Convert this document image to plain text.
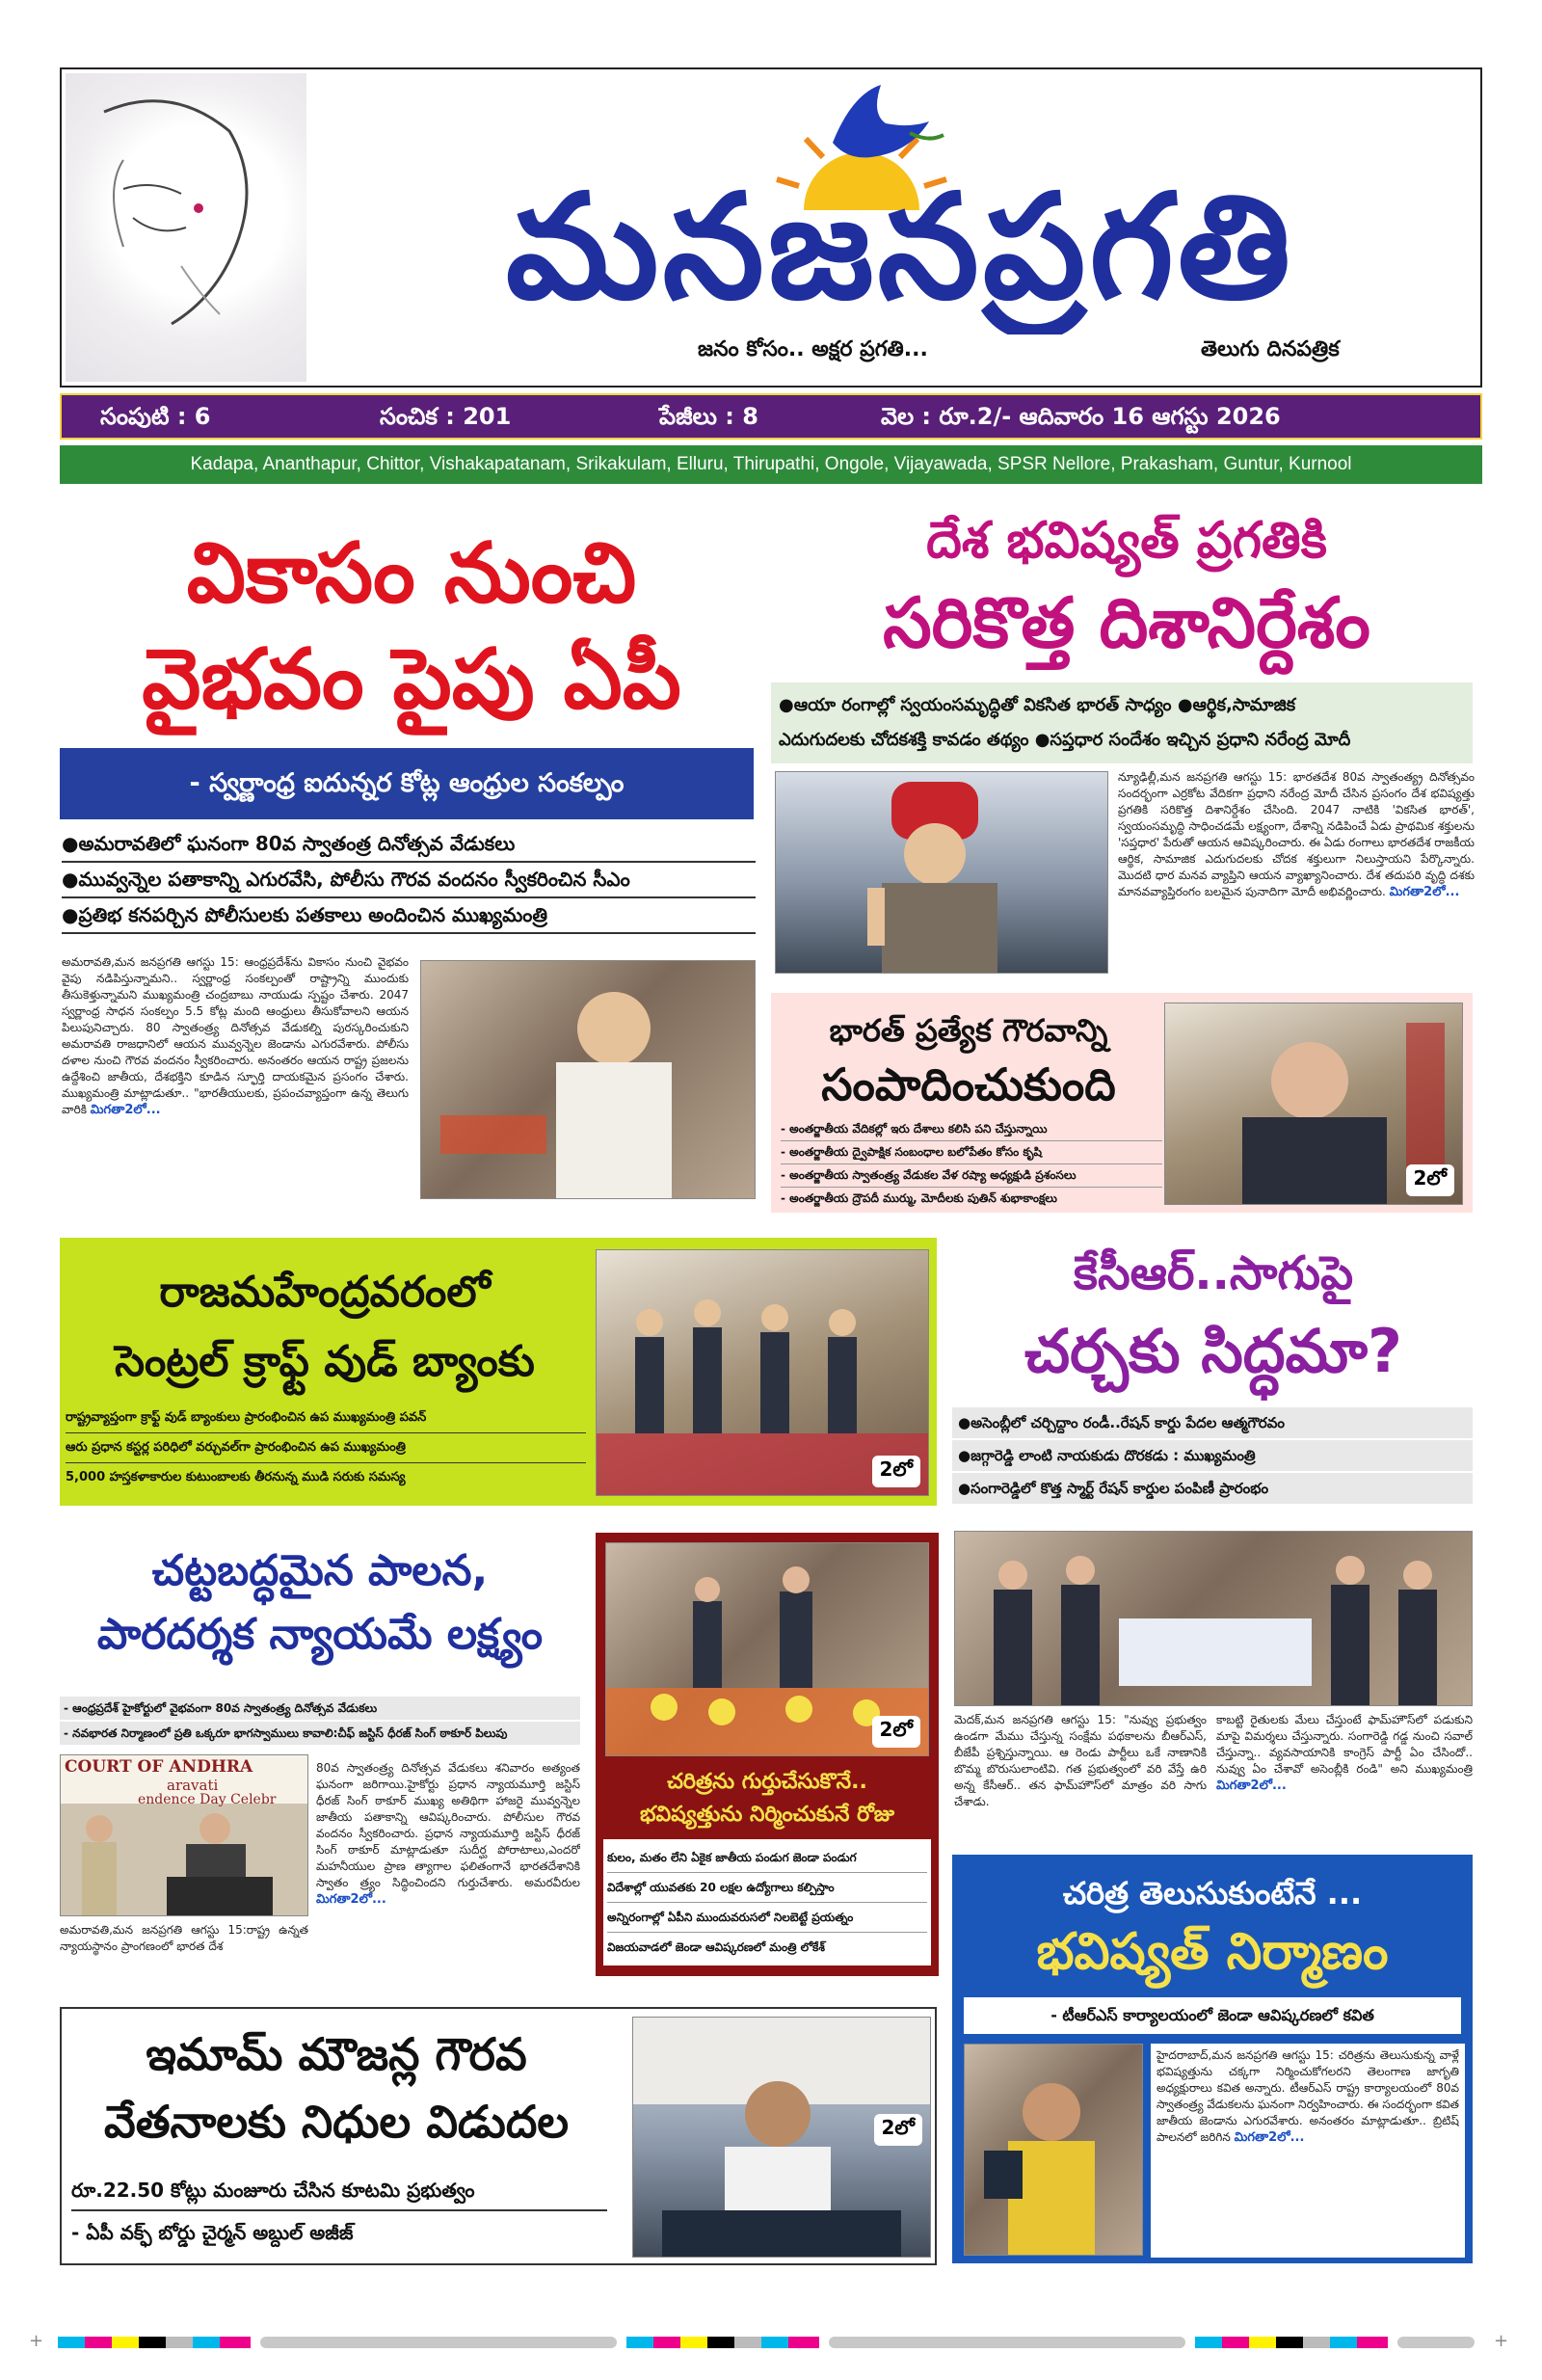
మనజనప్రగతి
జనం కోసం.. అక్షర ప్రగతి...	తెలుగు దినపత్రిక
సంపుటి : 6	సంచిక : 201	పేజీలు : 8	వెల : రూ.2/- ఆదివారం 16 ఆగస్టు 2026
Kadapa, Ananthapur, Chittor, Vishakapatanam, Srikakulam, Elluru, Thirupathi, Ongole, Vijayawada, SPSR Nellore, Prakasham, Guntur, Kurnool
వికాసం నుంచి
వైభవం పైపు ఏపీ
- స్వర్ణాంధ్ర ఐదున్నర కోట్ల ఆంధ్రుల సంకల్పం
●అమరావతిలో ఘనంగా 80వ స్వాతంత్ర దినోత్సవ వేడుకలు
●మువ్వన్నెల పతాకాన్ని ఎగురవేసి, పోలీసు గౌరవ వందనం స్వీకరించిన సీఎం
●ప్రతిభ కనపర్చిన పోలీసులకు పతకాలు అందించిన ముఖ్యమంత్రి
అమరావతి,మన జనప్రగతి ఆగస్టు 15: ఆంధ్రప్రదేశ్‌ను వికాసం నుంచి వైభవం వైపు నడిపిస్తున్నామని.. స్వర్ణాంధ్ర సంకల్పంతో రాష్ట్రాన్ని ముందుకు తీసుకెళ్తున్నామని ముఖ్యమంత్రి చంద్రబాబు నాయుడు స్పష్టం చేశారు. 2047 స్వర్ణాంధ్ర సాధన సంకల్పం 5.5 కోట్ల మంది ఆంధ్రులు తీసుకోవాలని ఆయన పిలుపునిచ్చారు. 80 స్వాతంత్ర్య దినోత్సవ వేడుకల్ని పురస్కరించుకుని అమరావతి రాజధానిలో ఆయన మువ్వన్నెల జెండాను ఎగురవేశారు. పోలీసు దళాల నుంచి గౌరవ వందనం స్వీకరించారు. అనంతరం ఆయన రాష్ట్ర ప్రజలను ఉద్దేశించి జాతీయ, దేశభక్తిని కూడిన స్ఫూర్తి దాయకమైన ప్రసంగం చేశారు. ముఖ్యమంత్రి మాట్లాడుతూ.. "భారతీయులకు, ప్రపంచవ్యాప్తంగా ఉన్న తెలుగు వారికి మిగతా2లో...
దేశ భవిష్యత్ ప్రగతికి
సరికొత్త దిశానిర్దేశం
●ఆయా రంగాల్లో స్వయంసమృద్ధితో వికసిత భారత్ సాధ్యం ●ఆర్థిక,సామాజిక
ఎదుగుదలకు చోదకశక్తి కావడం తథ్యం ●సప్తధార సందేశం ఇచ్చిన ప్రధాని నరేంద్ర మోదీ
న్యూఢిల్లీ,మన జనప్రగతి ఆగస్టు 15: భారతదేశ 80వ స్వాతంత్య్ర దినోత్సవం సందర్భంగా ఎర్రకోట వేదికగా ప్రధాని నరేంద్ర మోదీ చేసిన ప్రసంగం దేశ భవిష్యత్తు ప్రగతికి సరికొత్త దిశానిర్దేశం చేసింది. 2047 నాటికి 'వికసిత భారత్', స్వయంసమృద్ధి సాధించడమే లక్ష్యంగా, దేశాన్ని నడిపించే ఏడు ప్రాథమిక శక్తులను 'సప్తధార' పేరుతో ఆయన ఆవిష్కరించారు. ఈ ఏడు రంగాలు భారతదేశ రాజకీయ ఆర్థిక, సామాజిక ఎదుగుదలకు చోదక శక్తులుగా నిలుస్తాయని పేర్కొన్నారు. మొదటి ధార మనవ వ్యాప్తిని ఆయన వ్యాఖ్యానించారు. దేశ తదుపరి వృద్ధి దశకు మానవవ్యాప్తిరంగం బలమైన పునాదిగా మోదీ అభివర్ణించారు. మిగతా2లో...
భారత్ ప్రత్యేక గౌరవాన్ని
సంపాదించుకుంది
- అంతర్జాతీయ వేదికల్లో ఇరు దేశాలు కలిసి పని చేస్తున్నాయి
- అంతర్జాతీయ ద్వైపాక్షిక సంబంధాల బలోపేతం కోసం కృషి
- అంతర్జాతీయ స్వాతంత్ర్య వేడుకల వేళ రష్యా అధ్యక్షుడి ప్రశంసలు
- అంతర్జాతీయ ద్రౌపదీ ముర్ము, మోదీలకు పుతిన్ శుభాకాంక్షలు
2లో
రాజమహేంద్రవరంలో
సెంట్రల్ క్రాఫ్ట్ వుడ్ బ్యాంకు
రాష్ట్రవ్యాప్తంగా క్రాఫ్ట్ వుడ్ బ్యాంకులు ప్రారంభించిన ఉప ముఖ్యమంత్రి పవన్
ఆరు ప్రధాన కస్టర్ల పరిధిలో వర్చువల్‌గా ప్రారంభించిన ఉప ముఖ్యమంత్రి
5,000 హస్తకళాకారుల కుటుంబాలకు తీరనున్న ముడి సరుకు సమస్య	2లో
కేసీఆర్..సాగుపై
చర్చకు సిద్ధమా?
●అసెంబ్లీలో చర్చిద్దాం రండీ..రేషన్ కార్డు పేదల ఆత్మగౌరవం
●జగ్గారెడ్డి లాంటి నాయకుడు దొరకడు : ముఖ్యమంత్రి
●సంగారెడ్డిలో కొత్త స్మార్ట్ రేషన్ కార్డుల పంపిణీ ప్రారంభం
మెదక్,మన జనప్రగతి ఆగస్టు 15: "నువ్వు ప్రభుత్వం ఉండగా మేము చేస్తున్న సంక్షేమ పథకాలను బీఆర్ఎస్, బీజేపీ ప్రశ్నిస్తున్నాయి. ఆ రెండు పార్టీలు ఒకే నాణానికి బొమ్మ బొరుసులాంటివి. గత ప్రభుత్వంలో వరి వేస్తే ఉరి అన్న కేసీఆర్.. తన ఫామ్‌హౌస్‌లో మాత్రం వరి సాగు చేశాడు.
కాబట్టి రైతులకు మేలు చేస్తుంటే ఫామ్‌హౌస్‌లో పడుకుని మాపై విమర్శలు చేస్తున్నారు. సంగారెడ్డి గడ్డ నుంచి సవాల్ చేస్తున్నా.. వ్యవసాయానికి కాంగ్రెస్ పార్టీ ఏం చేసిందో.. నువ్వు ఏం చేశావో అసెంబ్లీకి రండి" అని ముఖ్యమంత్రి మిగతా2లో...
చట్టబద్ధమైన పాలన,
పారదర్శక న్యాయమే లక్ష్యం
- ఆంధ్రప్రదేశ్ హైకోర్టులో వైభవంగా 80వ స్వాతంత్ర్య దినోత్సవ వేడుకలు
- నవభారత నిర్మాణంలో ప్రతి ఒక్కరూ భాగస్వాములు కావాలి:చీఫ్ జస్టిస్ ధీరజ్ సింగ్ ఠాకూర్ పిలుపు
COURT OF ANDHRA
aravati
endence Day Celebr
అమరావతి,మన జనప్రగతి ఆగస్టు 15:రాష్ట్ర ఉన్నత న్యాయస్థానం ప్రాంగణంలో భారత దేశ
80వ స్వాతంత్ర్య దినోత్సవ వేడుకలు శనివారం అత్యంత ఘనంగా జరిగాయి.హైకోర్టు ప్రధాన న్యాయమూర్తి జస్టిస్ ధీరజ్ సింగ్ ఠాకూర్ ముఖ్య అతిథిగా హాజరై మువ్వన్నెల జాతీయ పతాకాన్ని ఆవిష్కరించారు. పోలీసుల గౌరవ వందనం స్వీకరించారు. ప్రధాన న్యాయమూర్తి జస్టిస్ ధీరజ్ సింగ్ ఠాకూర్ మాట్లాడుతూ సుదీర్ఘ పోరాటాలు,ఎందరో మహనీయుల ప్రాణ త్యాగాల ఫలితంగానే భారతదేశానికి స్వాతం త్ర్యం సిద్ధించిందని గుర్తుచేశారు. అమరవీరుల మిగతా2లో...
2లో
చరిత్రను గుర్తుచేసుకొనే..
భవిష్యత్తును నిర్మించుకునే రోజు
కులం, మతం లేని ఏకైక జాతీయ పండుగ జెండా పండుగ
విదేశాల్లో యువతకు 20 లక్షల ఉద్యోగాలు కల్పిస్తాం
అన్నిరంగాల్లో ఏపీని ముందువరుసలో నిలబెట్టే ప్రయత్నం
విజయవాడలో జెండా ఆవిష్కరణలో మంత్రి లోకేశ్
ఇమామ్ మౌజన్ల గౌరవ
వేతనాలకు నిధుల విడుదల
రూ.22.50 కోట్లు మంజూరు చేసిన కూటమి ప్రభుత్వం
- ఏపీ వక్ఫ్ బోర్డు చైర్మన్ అబ్దుల్ అజీజ్
2లో
చరిత్ర తెలుసుకుంటేనే ...
భవిష్యత్ నిర్మాణం
- టీఆర్ఎస్ కార్యాలయంలో జెండా ఆవిష్కరణలో కవిత
హైదరాబాద్,మన జనప్రగతి ఆగస్టు 15: చరిత్రను తెలుసుకున్న వాళ్లే భవిష్యత్తును చక్కగా నిర్మించుకోగలరని తెలంగాణ జాగృతి అధ్యక్షురాలు కవిత అన్నారు. టీఆర్ఎస్ రాష్ట్ర కార్యాలయంలో 80వ స్వాతంత్ర్య వేడుకలను ఘనంగా నిర్వహించారు. ఈ సందర్భంగా కవిత జాతీయ జెండాను ఎగురవేశారు. అనంతరం మాట్లాడుతూ.. బ్రిటిష్ పాలనలో జరిగిన మిగతా2లో...
+	+
